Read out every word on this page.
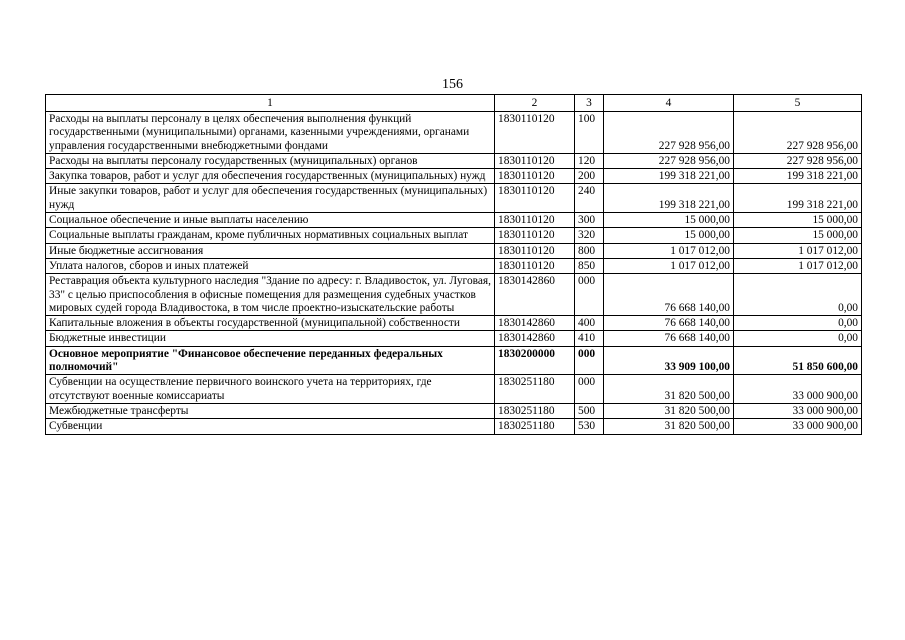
156
1	2	3	4	5
Расходы на выплаты персоналу в целях обеспечения выполнения функций государственными (муниципальными) органами, казенными учреждениями, органами управления государственными внебюджетными фондами	1830110120	100	227 928 956,00	227 928 956,00
Расходы на выплаты персоналу государственных (муниципальных) органов	1830110120	120	227 928 956,00	227 928 956,00
Закупка товаров, работ и услуг для обеспечения государственных (муниципальных) нужд	1830110120	200	199 318 221,00	199 318 221,00
Иные закупки товаров, работ и услуг для обеспечения государственных (муниципальных) нужд	1830110120	240	199 318 221,00	199 318 221,00
Социальное обеспечение и иные выплаты населению	1830110120	300	15 000,00	15 000,00
Социальные выплаты гражданам, кроме публичных нормативных социальных выплат	1830110120	320	15 000,00	15 000,00
Иные бюджетные ассигнования	1830110120	800	1 017 012,00	1 017 012,00
Уплата налогов, сборов и иных платежей	1830110120	850	1 017 012,00	1 017 012,00
Реставрация объекта культурного наследия "Здание по адресу: г. Владивосток, ул. Луговая, 33" с целью приспособления в офисные помещения для размещения судебных участков мировых судей города Владивостока, в том числе проектно-изыскательские работы	1830142860	000	76 668 140,00	0,00
Капитальные вложения в объекты государственной (муниципальной) собственности	1830142860	400	76 668 140,00	0,00
Бюджетные инвестиции	1830142860	410	76 668 140,00	0,00
Основное мероприятие "Финансовое обеспечение переданных федеральных полномочий"	1830200000	000	33 909 100,00	51 850 600,00
Субвенции на осуществление первичного воинского учета на территориях, где отсутствуют военные комиссариаты	1830251180	000	31 820 500,00	33 000 900,00
Межбюджетные трансферты	1830251180	500	31 820 500,00	33 000 900,00
Субвенции	1830251180	530	31 820 500,00	33 000 900,00
